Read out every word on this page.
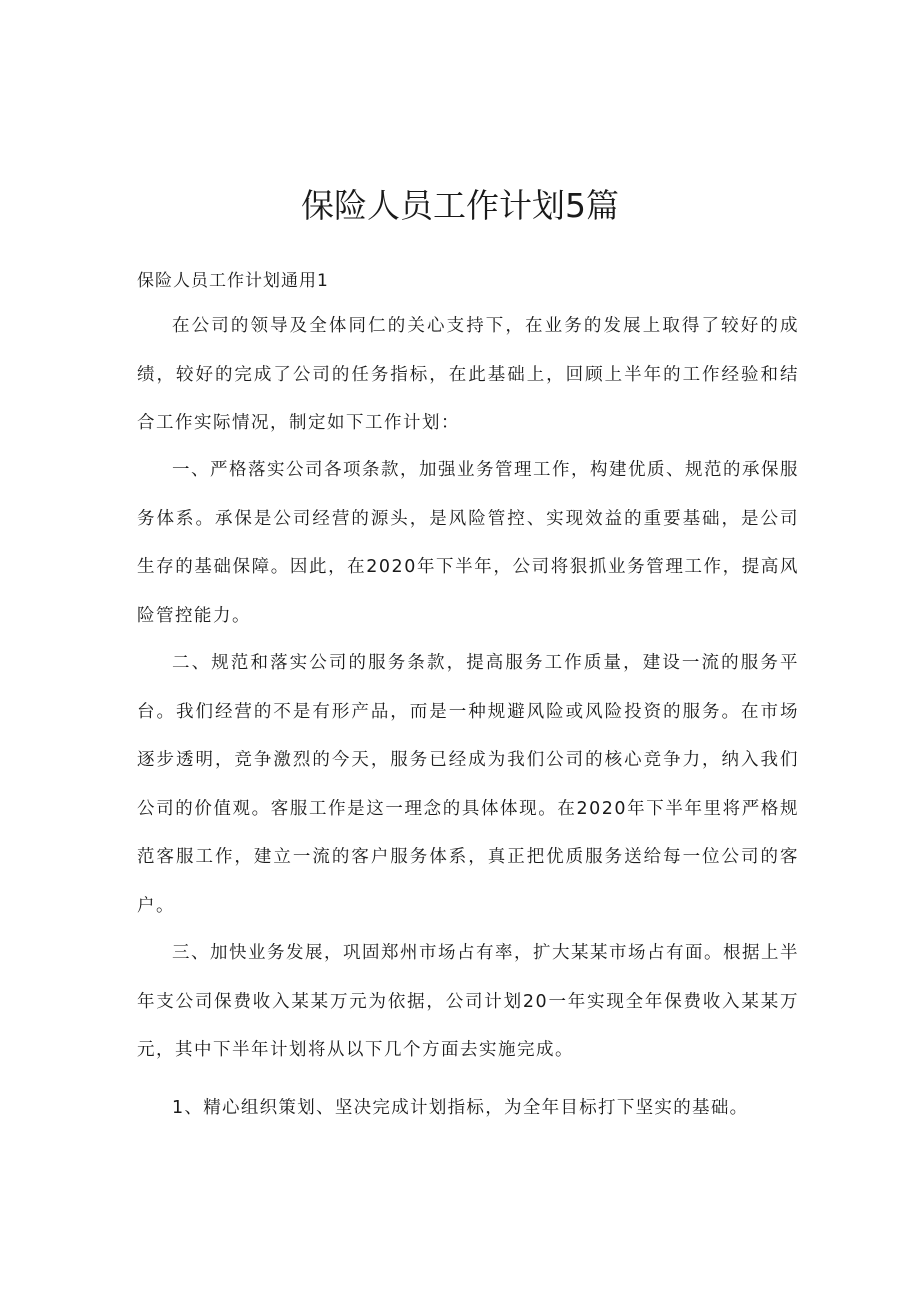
保险人员工作计划5篇
保险人员工作计划通用1

在公司的领导及全体同仁的关心支持下，在业务的发展上取得了较好的成绩，较好的完成了公司的任务指标，在此基础上，回顾上半年的工作经验和结合工作实际情况，制定如下工作计划：

一、严格落实公司各项条款，加强业务管理工作，构建优质、规范的承保服务体系。承保是公司经营的源头，是风险管控、实现效益的重要基础，是公司生存的基础保障。因此，在2020年下半年，公司将狠抓业务管理工作，提高风险管控能力。

二、规范和落实公司的服务条款，提高服务工作质量，建设一流的服务平台。我们经营的不是有形产品，而是一种规避风险或风险投资的服务。在市场逐步透明，竞争激烈的今天，服务已经成为我们公司的核心竞争力，纳入我们公司的价值观。客服工作是这一理念的具体体现。在2020年下半年里将严格规范客服工作，建立一流的客户服务体系，真正把优质服务送给每一位公司的客户。

三、加快业务发展，巩固郑州市场占有率，扩大某某市场占有面。根据上半年支公司保费收入某某万元为依据，公司计划20一年实现全年保费收入某某万元，其中下半年计划将从以下几个方面去实施完成。

1、精心组织策划、坚决完成计划指标，为全年目标打下坚实的基础。
